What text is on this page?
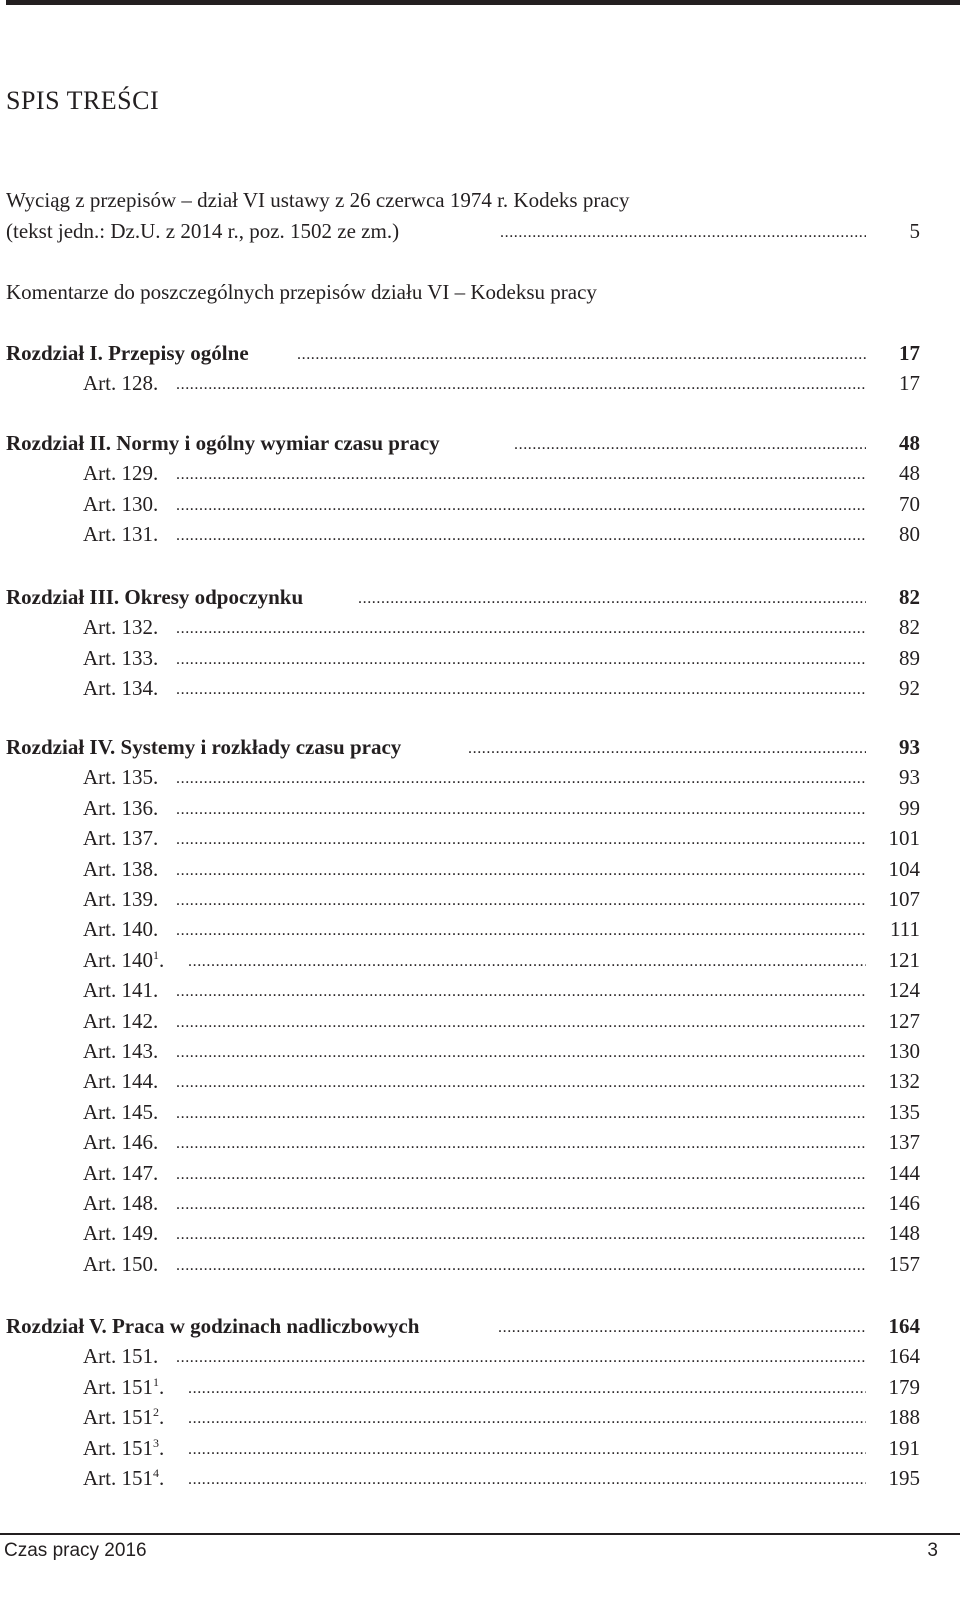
SPIS TREŚCI
Wyciąg z przepisów – dział VI ustawy z 26 czerwca 1974 r. Kodeks pracy
(tekst jedn.: Dz.U. z 2014 r., poz. 1502 ze zm.) .....	5
Komentarze do poszczególnych przepisów działu VI – Kodeksu pracy
Rozdział I. Przepisy ogólne .....	17
Art. 128. .....	17
Rozdział II. Normy i ogólny wymiar czasu pracy .....	48
Art. 129. .....	48
Art. 130. .....	70
Art. 131. .....	80
Rozdział III. Okresy odpoczynku .....	82
Art. 132. .....	82
Art. 133. .....	89
Art. 134. .....	92
Rozdział IV. Systemy i rozkłady czasu pracy .....	93
Art. 135. .....	93
Art. 136. .....	99
Art. 137. .....	101
Art. 138. .....	104
Art. 139. .....	107
Art. 140. .....	111
Art. $140^1$. .....	121
Art. 141. .....	124
Art. 142. .....	127
Art. 143. .....	130
Art. 144. .....	132
Art. 145. .....	135
Art. 146. .....	137
Art. 147. .....	144
Art. 148. .....	146
Art. 149. .....	148
Art. 150. .....	157
Rozdział V. Praca w godzinach nadliczbowych .....	164
Art. 151. .....	164
Art. $151^1$. .....	179
Art. $151^2$. .....	188
Art. $151^3$. .....	191
Art. $151^4$. .....	195
Czas pracy 2016	3
